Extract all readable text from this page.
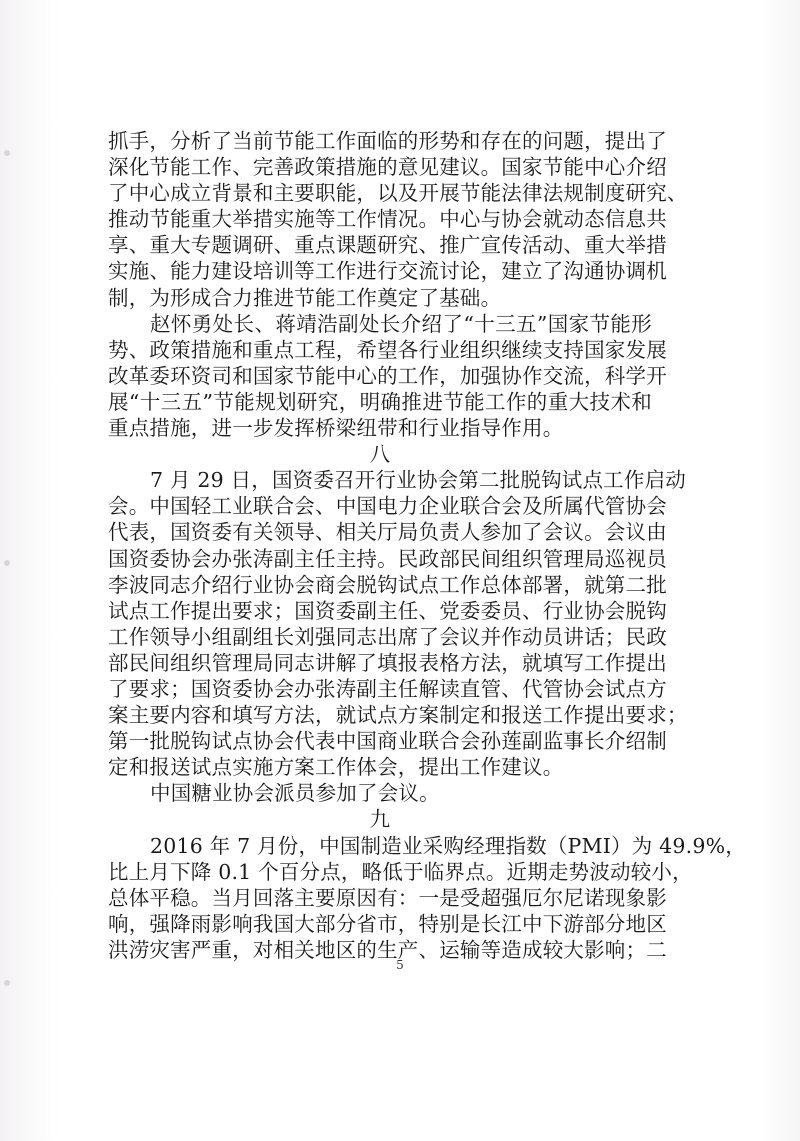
抓手，分析了当前节能工作面临的形势和存在的问题，提出了
深化节能工作、完善政策措施的意见建议。国家节能中心介绍
了中心成立背景和主要职能，以及开展节能法律法规制度研究、
推动节能重大举措实施等工作情况。中心与协会就动态信息共
享、重大专题调研、重点课题研究、推广宣传活动、重大举措
实施、能力建设培训等工作进行交流讨论，建立了沟通协调机
制，为形成合力推进节能工作奠定了基础。
赵怀勇处长、蒋靖浩副处长介绍了“十三五”国家节能形
势、政策措施和重点工程，希望各行业组织继续支持国家发展
改革委环资司和国家节能中心的工作，加强协作交流，科学开
展“十三五”节能规划研究，明确推进节能工作的重大技术和
重点措施，进一步发挥桥梁纽带和行业指导作用。
八
7 月 29 日，国资委召开行业协会第二批脱钩试点工作启动
会。中国轻工业联合会、中国电力企业联合会及所属代管协会
代表，国资委有关领导、相关厅局负责人参加了会议。会议由
国资委协会办张涛副主任主持。民政部民间组织管理局巡视员
李波同志介绍行业协会商会脱钩试点工作总体部署，就第二批
试点工作提出要求；国资委副主任、党委委员、行业协会脱钩
工作领导小组副组长刘强同志出席了会议并作动员讲话；民政
部民间组织管理局同志讲解了填报表格方法，就填写工作提出
了要求；国资委协会办张涛副主任解读直管、代管协会试点方
案主要内容和填写方法，就试点方案制定和报送工作提出要求；
第一批脱钩试点协会代表中国商业联合会孙莲副监事长介绍制
定和报送试点实施方案工作体会，提出工作建议。
中国糖业协会派员参加了会议。
九
2016 年 7 月份，中国制造业采购经理指数（PMI）为 49.9%，
比上月下降 0.1 个百分点，略低于临界点。近期走势波动较小，
总体平稳。当月回落主要原因有：一是受超强厄尔尼诺现象影
响，强降雨影响我国大部分省市，特别是长江中下游部分地区
洪涝灾害严重，对相关地区的生产、运输等造成较大影响；二
5
